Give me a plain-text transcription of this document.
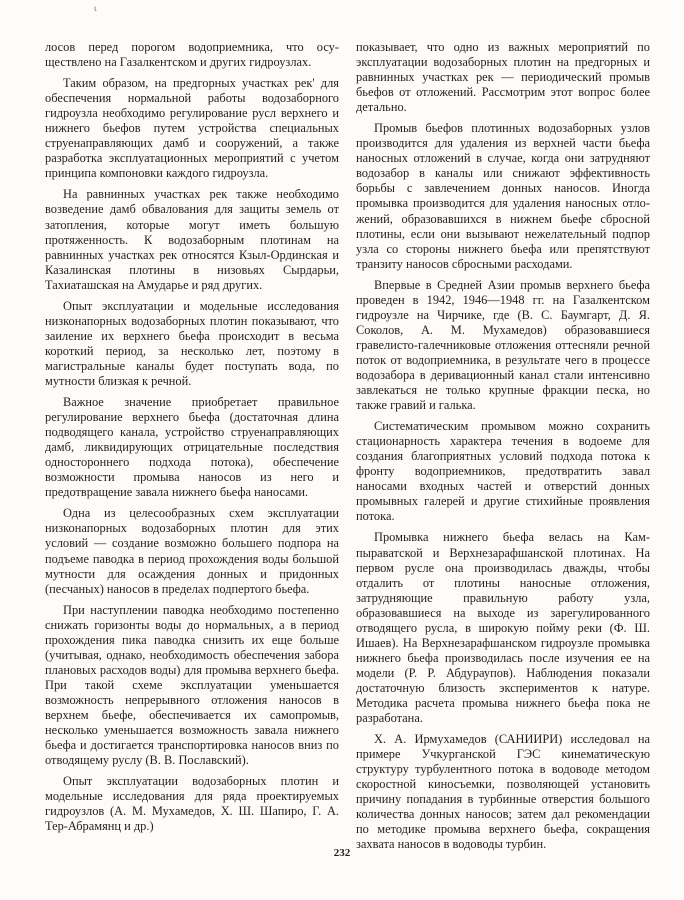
ι

лосов перед порогом водоприемника, что осуществлено на Газалкентском и других гидроузлах.

Таким образом, на предгорных участках рек' для обеспечения нормальной работы водозаборного гидроузла необходимо регулирование русл верхнего и нижнего бьефов путем устройства специальных струенаправляющих дамб и сооружений, а также разработка эксплуатационных мероприятий с учетом принципа компоновки каждого гидроузла.

На равнинных участках рек также необходимо возведение дамб обвалования для защиты земель от затопления, которые могут иметь большую протяженность. К водозаборным плотинам на равнинных участках рек относятся Кзыл-Ординская и Казалинская плотины в низовьях Сырдарьи, Тахиаташская на Амударье и ряд других.

Опыт эксплуатации и модельные исследования низконапорных водозаборных плотин показывают, что заиление их верхнего бьефа происходит в весьма короткий период, за несколько лет, поэтому в магистральные каналы будет поступать вода, по мутности близкая к речной.

Важное значение приобретает правильное регулирование верхнего бьефа (достаточная длина подводящего канала, устройство струенаправляющих дамб, ликвидирующих отрицательные последствия одностороннего подхода потока), обеспечение возможности промыва наносов из него и предотвращение завала нижнего бьефа наносами.

Одна из целесообразных схем эксплуатации низконапорных водозаборных плотин для этих условий — создание возможно большего подпора на подъеме паводка в период прохождения воды большой мутности для осаждения донных и придонных (песчаных) наносов в пределах подпертого бьефа.

При наступлении паводка необходимо постепенно снижать горизонты воды до нормальных, а в период прохождения пика паводка снизить их еще больше (учитывая, однако, необходимость обеспечения забора плановых расходов воды) для промыва верхнего бьефа. При такой схеме эксплуатации уменьшается возможность непрерывного отложения наносов в верхнем бьефе, обеспечивается их самопромыв, несколько уменьшается возможность завала нижнего бьефа и достигается транспортировка наносов вниз по отводящему руслу (В. В. Пославский).

Опыт эксплуатации водозаборных плотин и модельные исследования для ряда проектируемых гидроузлов (А. М. Мухамедов, Х. Ш. Шапиро, Г. А. Тер-Абрамянц и др.)

показывает, что одно из важных мероприятий по эксплуатации водозаборных плотин на предгорных и равнинных участках рек — периодический промыв бьефов от отложений. Рассмотрим этот вопрос более детально.

Промыв бьефов плотинных водозаборных узлов производится для удаления из верхней части бьефа наносных отложений в случае, когда они затрудняют водозабор в каналы или снижают эффективность борьбы с завлечением донных наносов. Иногда промывка производится для удаления наносных отложений, образовавшихся в нижнем бьефе сбросной плотины, если они вызывают нежелательный подпор узла со стороны нижнего бьефа или препятствуют транзиту наносов сбросными расходами.

Впервые в Средней Азии промыв верхнего бьефа проведен в 1942, 1946—1948 гг. на Газалкентском гидроузле на Чирчике, где (В. С. Баумгарт, Д. Я. Соколов, А. М. Мухамедов) образовавшиеся гравелисто-галечниковые отложения оттесняли речной поток от водоприемника, в результате чего в процессе водозабора в деривационный канал стали интенсивно завлекаться не только крупные фракции песка, но также гравий и галька.

Систематическим промывом можно сохранить стационарность характера течения в водоеме для создания благоприятных условий подхода потока к фронту водоприемников, предотвратить завал наносами входных частей и отверстий донных промывных галерей и другие стихийные проявления потока.

Промывка нижнего бьефа велась на Кампыраватской и Верхнезарафшанской плотинах. На первом русле она производилась дважды, чтобы отдалить от плотины наносные отложения, затрудняющие правильную работу узла, образовавшиеся на выходе из зарегулированного отводящего русла, в широкую пойму реки (Ф. Ш. Ишаев). На Верхнезарафшанском гидроузле промывка нижнего бьефа производилась после изучения ее на модели (Р. Р. Абдураупов). Наблюдения показали достаточную близость экспериментов к натуре. Методика расчета промыва нижнего бьефа пока не разработана.

Х. А. Ирмухамедов (САНИИРИ) исследовал на примере Учкурганской ГЭС кинематическую структуру турбулентного потока в водоводе методом скоростной киносъемки, позволяющей установить причину попадания в турбинные отверстия большого количества донных наносов; затем дал рекомендации по методике промыва верхнего бьефа, сокращения захвата наносов в водоводы турбин.

232
